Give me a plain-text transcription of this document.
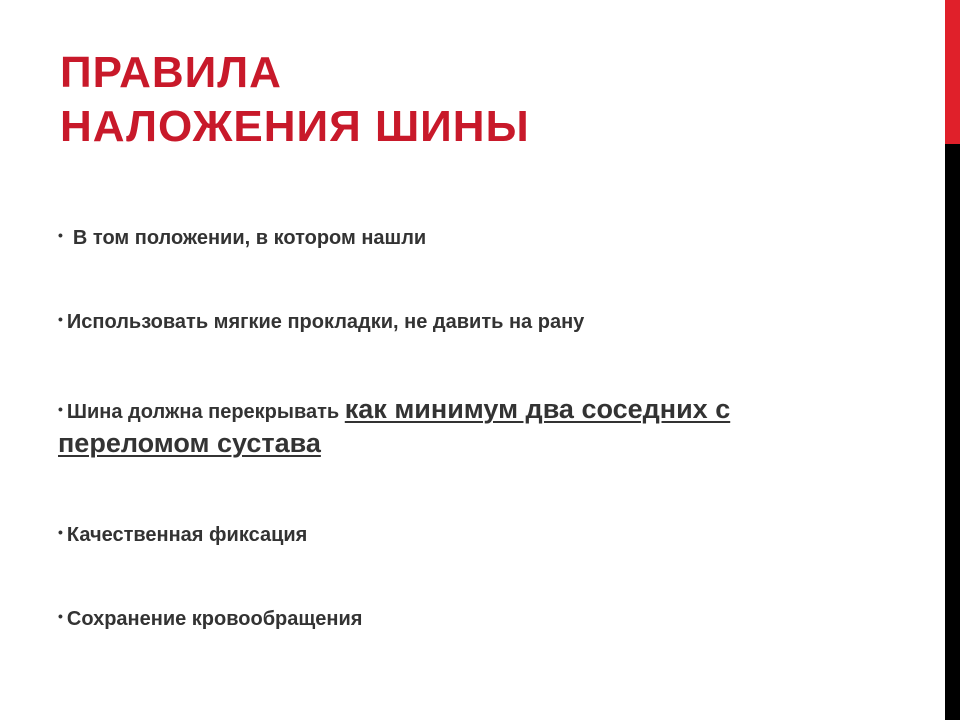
ПРАВИЛА
НАЛОЖЕНИЯ ШИНЫ
• В том положении, в котором нашли
• Использовать мягкие прокладки, не давить на рану
• Шина должна перекрывать как минимум два соседних с переломом сустава
• Качественная фиксация
• Сохранение кровообращения
